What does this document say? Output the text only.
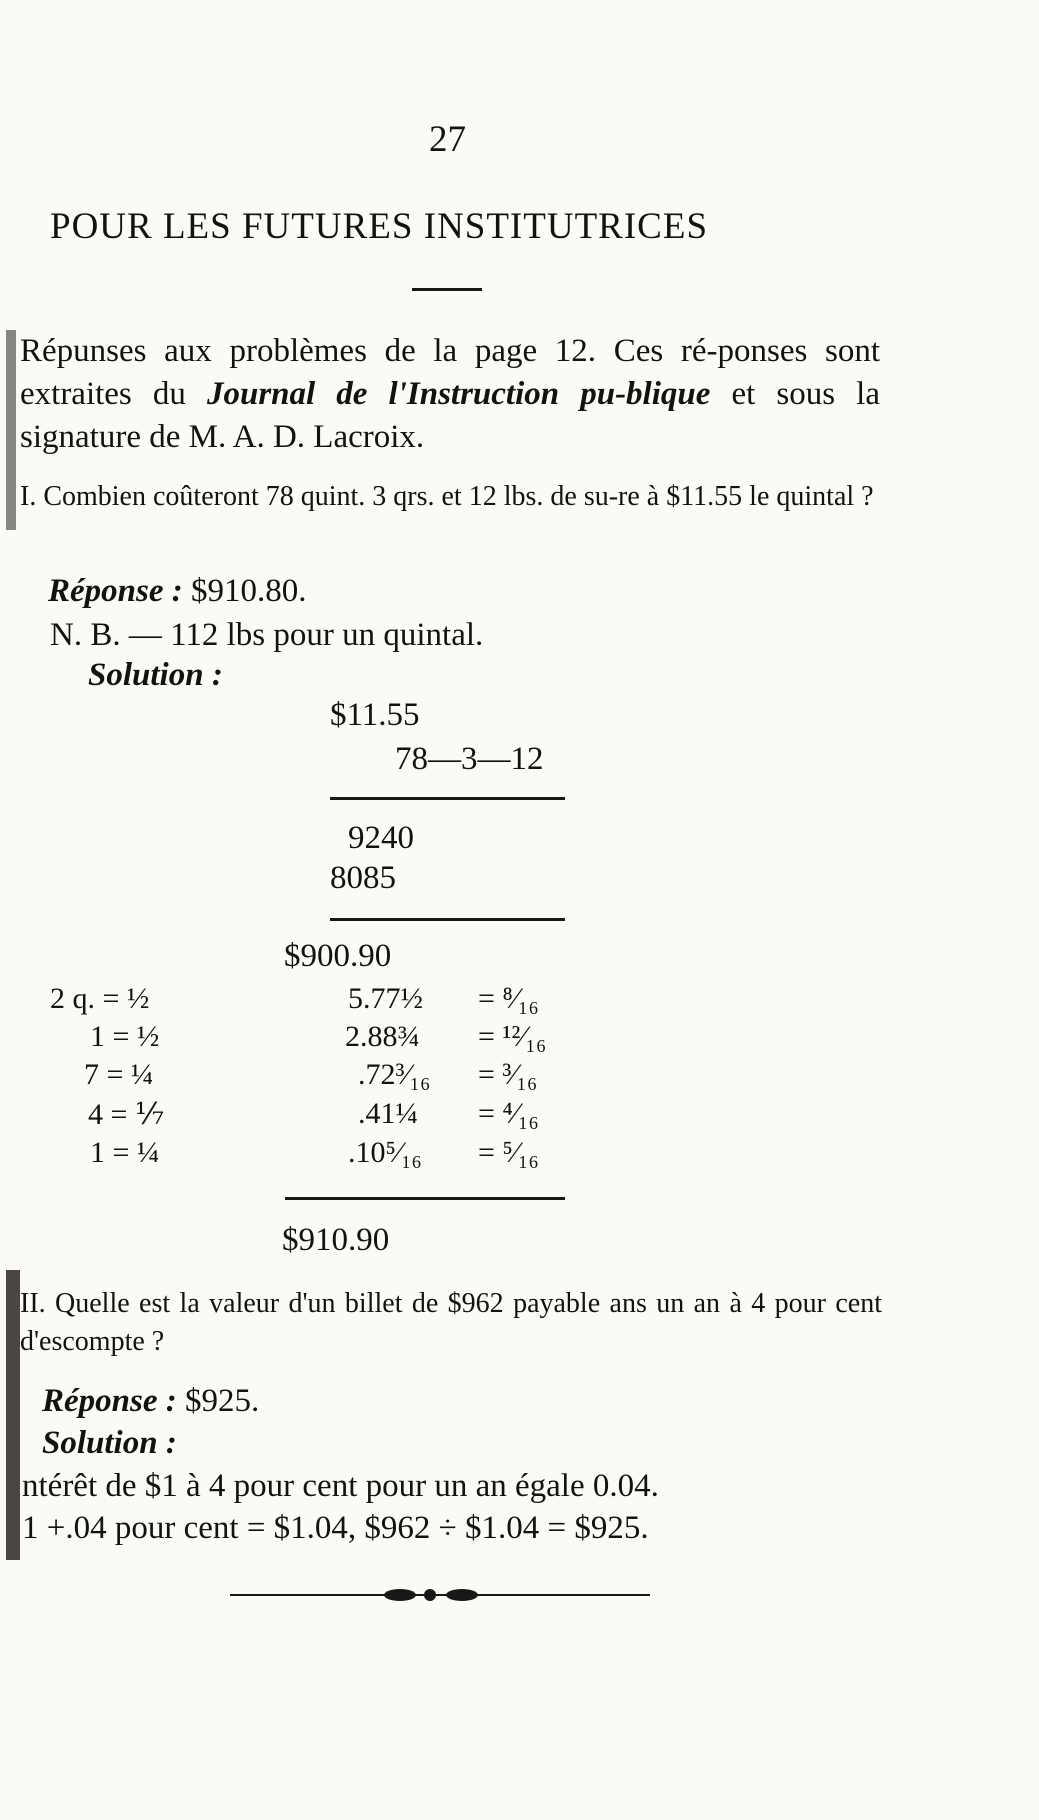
27
POUR LES FUTURES INSTITUTRICES
Répunses aux problèmes de la page 12. Ces ré-ponses sont extraites du Journal de l'Instruction pu-blique et sous la signature de M. A. D. Lacroix.
I. Combien coûteront 78 quint. 3 qrs. et 12 lbs. de su-re à $11.55 le quintal ?
Réponse : $910.80.
N. B. — 112 lbs pour un quintal.
Solution :
$11.55
78—3—12
9240
8085
$900.90
2 q. = ½
1 = ½
7 = ¼
4 = ⅐
1 = ¼
5.77½
2.88¾
.72³⁄₁₆
.41¼
.10⁵⁄₁₆
= ⁸⁄₁₆
= ¹²⁄₁₆
= ³⁄₁₆
= ⁴⁄₁₆
= ⁵⁄₁₆
$910.90
II. Quelle est la valeur d'un billet de $962 payable ans un an à 4 pour cent d'escompte ?
Réponse : $925.
Solution :
ntérêt de $1 à 4 pour cent pour un an égale 0.04.
1 +.04 pour cent = $1.04, $962 ÷ $1.04 = $925.
